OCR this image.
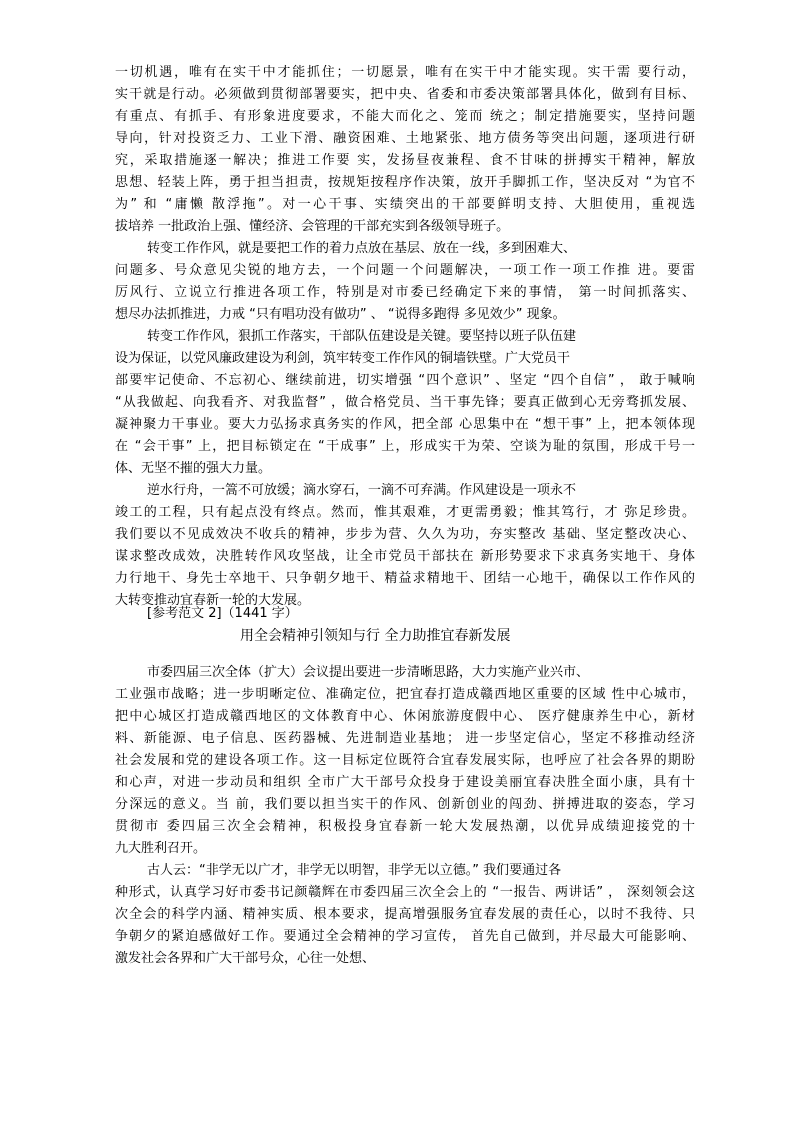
一切机遇，唯有在实干中才能抓住；一切愿景，唯有在实干中才能实现。实干需 要行动，
实干就是行动。必须做到贯彻部署要实，把中央、省委和市委决策部署具体化，做到有目标、
有重点、有抓手、有形象进度要求，不能大而化之、笼而 统之；制定措施要实，坚持问题
导向，针对投资乏力、工业下滑、融资困难、土地紧张、地方债务等突出问题，逐项进行研
究，采取措施逐一解决；推进工作要 实，发扬昼夜兼程、食不甘味的拼搏实干精神，解放
思想、轻装上阵，勇于担当担责，按规矩按程序作决策，放开手脚抓工作，坚决反对 “为官不
为” 和 “庸懒 散浮拖”。对一心干事、实绩突出的干部要鲜明支持、大胆使用，重视选
拔培养 一批政治上强、懂经济、会管理的干部充实到各级领导班子。
转变工作作风，就是要把工作的着力点放在基层、放在一线，多到困难大、
问题多、号众意见尖锐的地方去，一个问题一个问题解决，一项工作一项工作推 进。要雷
厉风行、立说立行推进各项工作，特别是对市委已经确定下来的事情， 第一时间抓落实、
想尽办法抓推进，力戒 “只有唱功没有做功” 、 “说得多跑得 多见效少” 现象。
转变工作作风，狠抓工作落实，干部队伍建设是关键。要坚持以班子队伍建
设为保证，以党风廉政建设为利剑，筑牢转变工作作风的铜墙铁壁。广大党员干
部要牢记使命、不忘初心、继续前进，切实增强 “四个意识” 、坚定 “四个自信” ， 敢于喊响
“从我做起、向我看齐、对我监督” ，做合格党员、当干事先锋；要真正做到心无旁骛抓发展、
凝神聚力干事业。要大力弘扬求真务实的作风，把全部 心思集中在 “想干事” 上，把本领体现
在 “会干事” 上，把目标锁定在 “干成事” 上，形成实干为荣、空谈为耻的氛围，形成干号一
体、无坚不摧的强大力量。
逆水行舟，一篙不可放缓；滴水穿石，一滴不可弃满。作风建设是一项永不
竣工的工程，只有起点没有终点。然而，惟其艰难，才更需勇毅；惟其笃行，才 弥足珍贵。
我们要以不见成效决不收兵的精神，步步为营、久久为功，夯实整改 基础、坚定整改决心、
谋求整改成效，决胜转作风攻坚战，让全市党员干部扶在 新形势要求下求真务实地干、身体
力行地干、身先士卒地干、只争朝夕地干、精益求精地干、团结一心地干，确保以工作作风的
大转变推动宜春新一轮的大发展。
[参考范文 2]（1441 字）
用全会精神引领知与行 全力助推宜春新发展
市委四届三次全体（扩大）会议提出要进一步清晰思路，大力实施产业兴市、
工业强市战略；进一步明晰定位、准确定位，把宜春打造成赣西地区重要的区域 性中心城市，
把中心城区打造成赣西地区的文体教育中心、休闲旅游度假中心、 医疗健康养生中心，新材
料、新能源、电子信息、医药器械、先进制造业基地； 进一步坚定信心，坚定不移推动经济
社会发展和党的建设各项工作。这一目标定位既符合宜春发展实际，也呼应了社会各界的期盼
和心声，对进一步动员和组织 全市广大干部号众投身于建设美丽宜春决胜全面小康，具有十
分深远的意义。当 前，我们要以担当实干的作风、创新创业的闯劲、拼搏进取的姿态，学习
贯彻市 委四届三次全会精神，积极投身宜春新一轮大发展热潮，以优异成绩迎接党的十
九大胜利召开。
古人云：“非学无以广才，非学无以明智，非学无以立德。” 我们要通过各
种形式，认真学习好市委书记颜赣辉在市委四届三次全会上的 “一报告、两讲话” ， 深刻领会这
次全会的科学内涵、精神实质、根本要求，提高增强服务宜春发展的责任心，以时不我待、只
争朝夕的紧迫感做好工作。要通过全会精神的学习宣传， 首先自己做到，并尽最大可能影响、
激发社会各界和广大干部号众，心往一处想、
